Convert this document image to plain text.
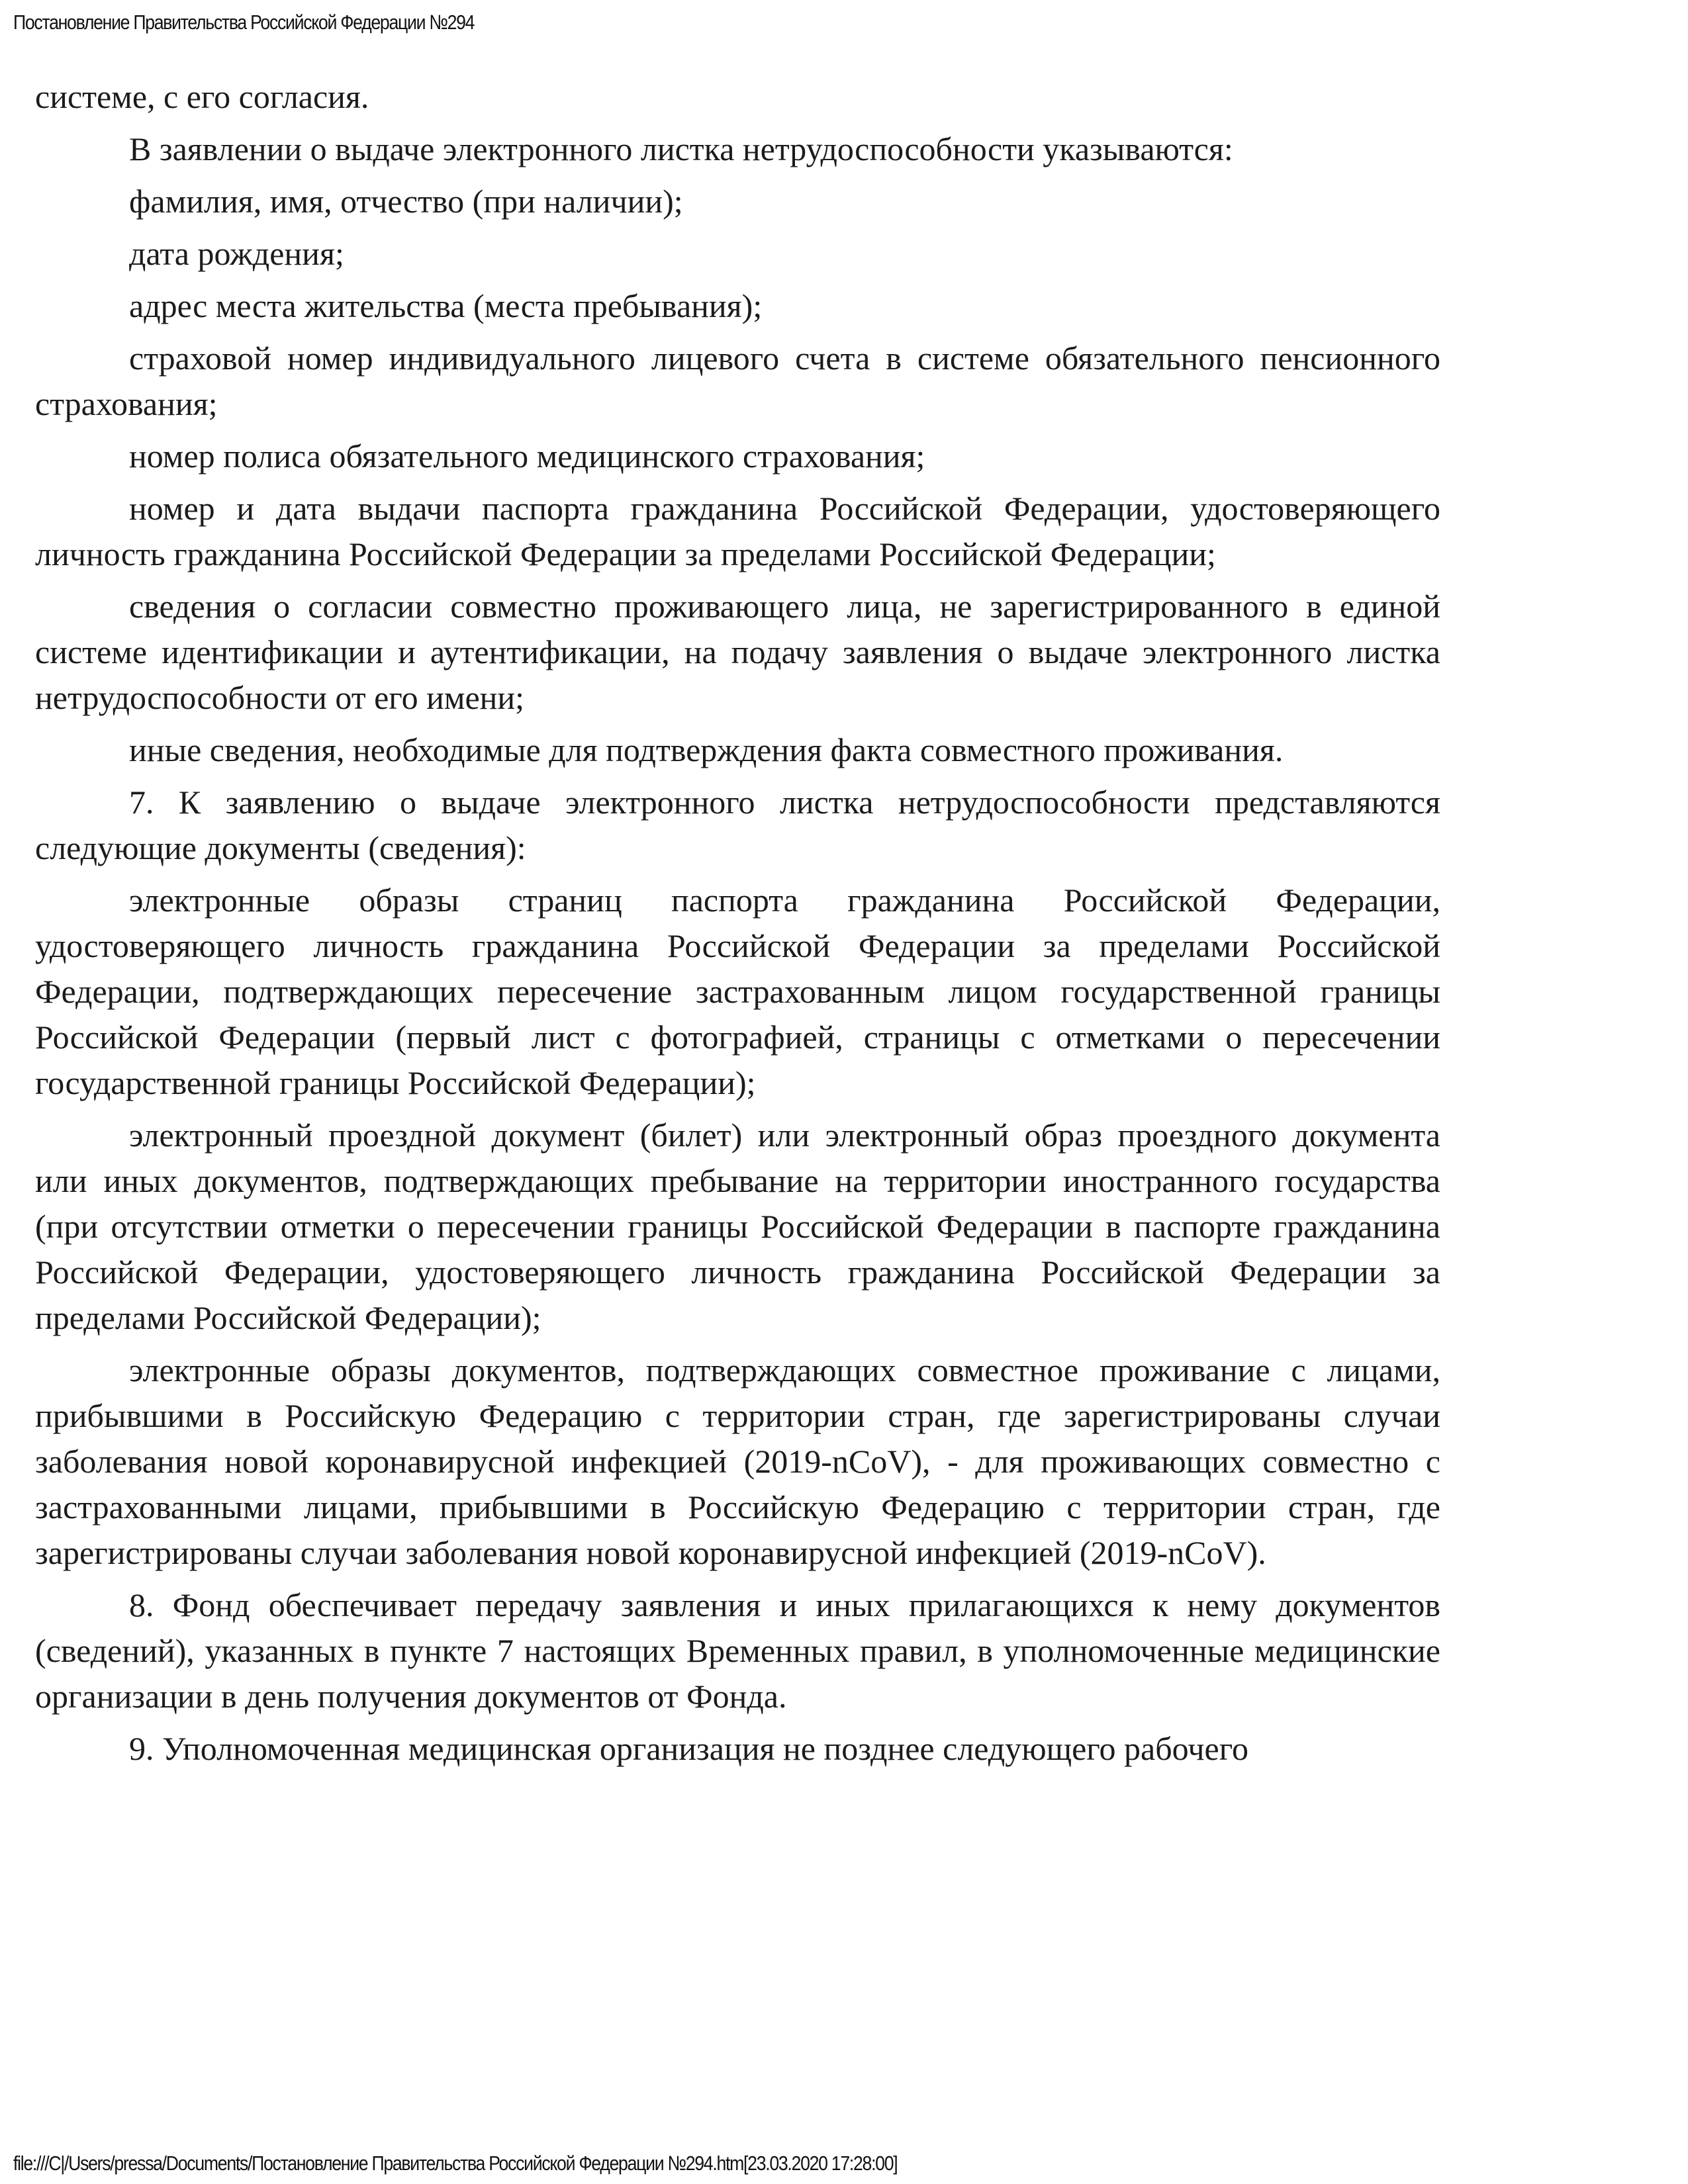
Постановление Правительства Российской Федерации №294

системе, с его согласия.

В заявлении о выдаче электронного листка нетрудоспособности указываются:

фамилия, имя, отчество (при наличии);

дата рождения;

адрес места жительства (места пребывания);

страховой номер индивидуального лицевого счета в системе обязательного пенсионного страхования;

номер полиса обязательного медицинского страхования;

номер и дата выдачи паспорта гражданина Российской Федерации, удостоверяющего личность гражданина Российской Федерации за пределами Российской Федерации;

сведения о согласии совместно проживающего лица, не зарегистрированного в единой системе идентификации и аутентификации, на подачу заявления о выдаче электронного листка нетрудоспособности от его имени;

иные сведения, необходимые для подтверждения факта совместного проживания.

7. К заявлению о выдаче электронного листка нетрудоспособности представляются следующие документы (сведения):

электронные образы страниц паспорта гражданина Российской Федерации, удостоверяющего личность гражданина Российской Федерации за пределами Российской Федерации, подтверждающих пересечение застрахованным лицом государственной границы Российской Федерации (первый лист с фотографией, страницы с отметками о пересечении государственной границы Российской Федерации);

электронный проездной документ (билет) или электронный образ проездного документа или иных документов, подтверждающих пребывание на территории иностранного государства (при отсутствии отметки о пересечении границы Российской Федерации в паспорте гражданина Российской Федерации, удостоверяющего личность гражданина Российской Федерации за пределами Российской Федерации);

электронные образы документов, подтверждающих совместное проживание с лицами, прибывшими в Российскую Федерацию с территории стран, где зарегистрированы случаи заболевания новой коронавирусной инфекцией (2019-nCoV), - для проживающих совместно с застрахованными лицами, прибывшими в Российскую Федерацию с территории стран, где зарегистрированы случаи заболевания новой коронавирусной инфекцией (2019-nCoV).

8. Фонд обеспечивает передачу заявления и иных прилагающихся к нему документов (сведений), указанных в пункте 7 настоящих Временных правил, в уполномоченные медицинские организации в день получения документов от Фонда.

9. Уполномоченная медицинская организация не позднее следующего рабочего

file:///C|/Users/pressa/Documents/Постановление Правительства Российской Федерации №294.htm[23.03.2020 17:28:00]
